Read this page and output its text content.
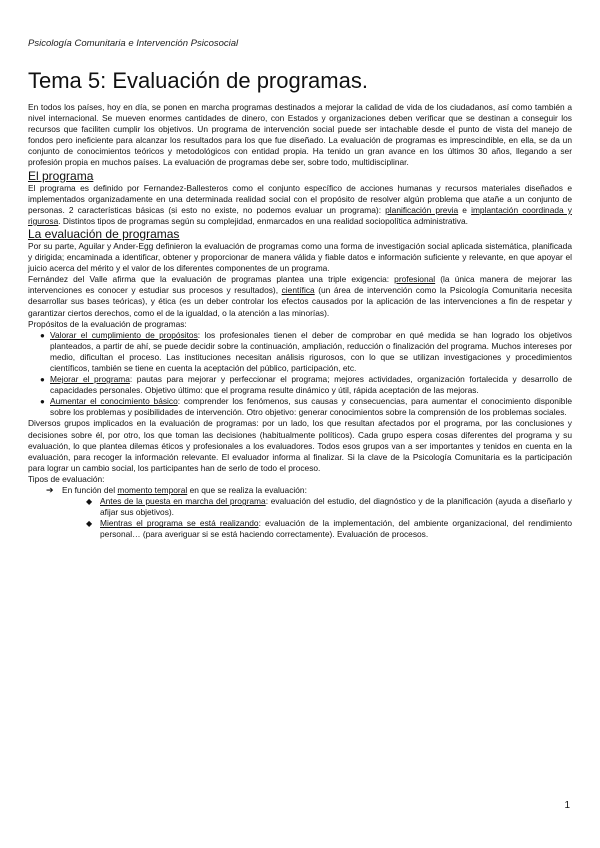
Psicología Comunitaria e Intervención Psicosocial
Tema 5: Evaluación de programas.

En todos los países, hoy en día, se ponen en marcha programas destinados a mejorar la calidad de vida de los ciudadanos, así como también a nivel internacional. Se mueven enormes cantidades de dinero, con Estados y organizaciones deben verificar que se destinan a conseguir los recursos que faciliten cumplir los objetivos. Un programa de intervención social puede ser intachable desde el punto de vista del manejo de fondos pero ineficiente para alcanzar los resultados para los que fue diseñado. La evaluación de programas es imprescindible, en ella, se da un conjunto de conocimientos teóricos y metodológicos con entidad propia. Ha tenido un gran avance en los últimos 30 años, llegando a ser profesión propia en muchos países. La evaluación de programas debe ser, sobre todo, multidisciplinar.

El programa

El programa es definido por Fernandez-Ballesteros como el conjunto específico de acciones humanas y recursos materiales diseñados e implementados organizadamente en una determinada realidad social con el propósito de resolver algún problema que atañe a un conjunto de personas. 2 características básicas (si esto no existe, no podemos evaluar un programa): planificación previa e implantación coordinada y rigurosa. Distintos tipos de programas según su complejidad, enmarcados en una realidad sociopolítica administrativa.

La evaluación de programas

Por su parte, Aguilar y Ander-Egg definieron la evaluación de programas como una forma de investigación social aplicada sistemática, planificada y dirigida; encaminada a identificar, obtener y proporcionar de manera válida y fiable datos e información suficiente y relevante, en que apoyar el juicio acerca del mérito y el valor de los diferentes componentes de un programa.

Fernández del Valle afirma que la evaluación de programas plantea una triple exigencia: profesional (la única manera de mejorar las intervenciones es conocer y estudiar sus procesos y resultados), científica (un área de intervención como la Psicología Comunitaria necesita desarrollar sus bases teóricas), y ética (es un deber controlar los efectos causados por la aplicación de las intervenciones a fin de respetar y garantizar ciertos derechos, como el de la igualdad, o la atención a las minorías).

Propósitos de la evaluación de programas:

● Valorar el cumplimiento de propósitos: los profesionales tienen el deber de comprobar en qué medida se han logrado los objetivos planteados, a partir de ahí, se puede decidir sobre la continuación, ampliación, reducción o finalización del programa. Muchos intereses por medio, dificultan el proceso. Las instituciones necesitan análisis rigurosos, con lo que se utilizan investigaciones y procedimientos científicos, también se tiene en cuenta la aceptación del público, participación, etc.
● Mejorar el programa: pautas para mejorar y perfeccionar el programa; mejores actividades, organización fortalecida y desarrollo de capacidades personales. Objetivo último: que el programa resulte dinámico y útil, rápida aceptación de las mejoras.
● Aumentar el conocimiento básico: comprender los fenómenos, sus causas y consecuencias, para aumentar el conocimiento disponible sobre los problemas y posibilidades de intervención. Otro objetivo: generar conocimientos sobre la comprensión de los problemas sociales.

Diversos grupos implicados en la evaluación de programas: por un lado, los que resultan afectados por el programa, por las conclusiones y decisiones sobre él, por otro, los que toman las decisiones (habitualmente políticos). Cada grupo espera cosas diferentes del programa y su evaluación, lo que plantea dilemas éticos y profesionales a los evaluadores. Todos esos grupos van a ser importantes y tenidos en cuenta en la evaluación, para recoger la información relevante. El evaluador informa al finalizar. Si la clave de la Psicología Comunitaria es la participación para lograr un cambio social, los participantes han de serlo de todo el proceso.

Tipos de evaluación:

➔ En función del momento temporal en que se realiza la evaluación:
◆ Antes de la puesta en marcha del programa: evaluación del estudio, del diagnóstico y de la planificación (ayuda a diseñarlo y afijar sus objetivos).
◆ Mientras el programa se está realizando: evaluación de la implementación, del ambiente organizacional, del rendimiento personal… (para averiguar si se está haciendo correctamente). Evaluación de procesos.
1
